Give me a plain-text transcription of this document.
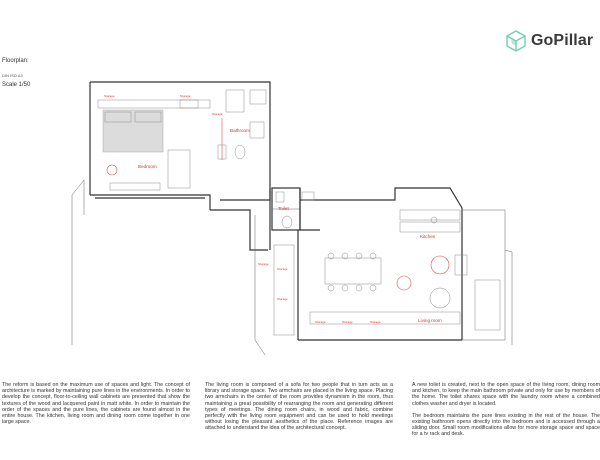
GoPillar
Floorplan:
DIN ISO A3
Scale 1/50
Bedroom
Storage	Storage
Bathroom
Storage
Toilet
Kitchen
Living room
Storage	Storage	Storage
Storage
Storage
Storage

The reform is based on the maximum use of spaces and light. The concept of architecture is marked by maintaining pure lines in the environments. In order to develop the concept, floor-to-ceiling wall cabinets are presented that show the textures of the wood and lacquered paint in matt white. In order to maintain the order of the spaces and the pure lines, the cabinets are found almost in the entire house. The kitchen, living room and dining room come together in one large space.

The living room is composed of a sofa for two people that in turn acts as a library and storage space. Two armchairs are placed in the living space. Placing two armchairs in the center of the room provides dynamism in the room, thus maintaining a great possibility of rearranging the room and generating different types of meetings. The dining room chairs, in wood and fabric, combine perfectly with the living room equipment and can be used to hold meetings without losing the pleasant aesthetics of the place. Reference images are attached to understand the idea of the architectural concept.

A new toilet is created, next to the open space of the living room, dining room and kitchen, to keep the main bathroom private and only for use by members of the home. The toilet shares space with the laundry room where a combined clothes washer and dryer is located.

The bedroom maintains the pure lines existing in the rest of the house. The existing bathroom opens directly into the bedroom and is accessed through a sliding door. Small room modifications allow for more storage space and space for a tv rack and desk.
